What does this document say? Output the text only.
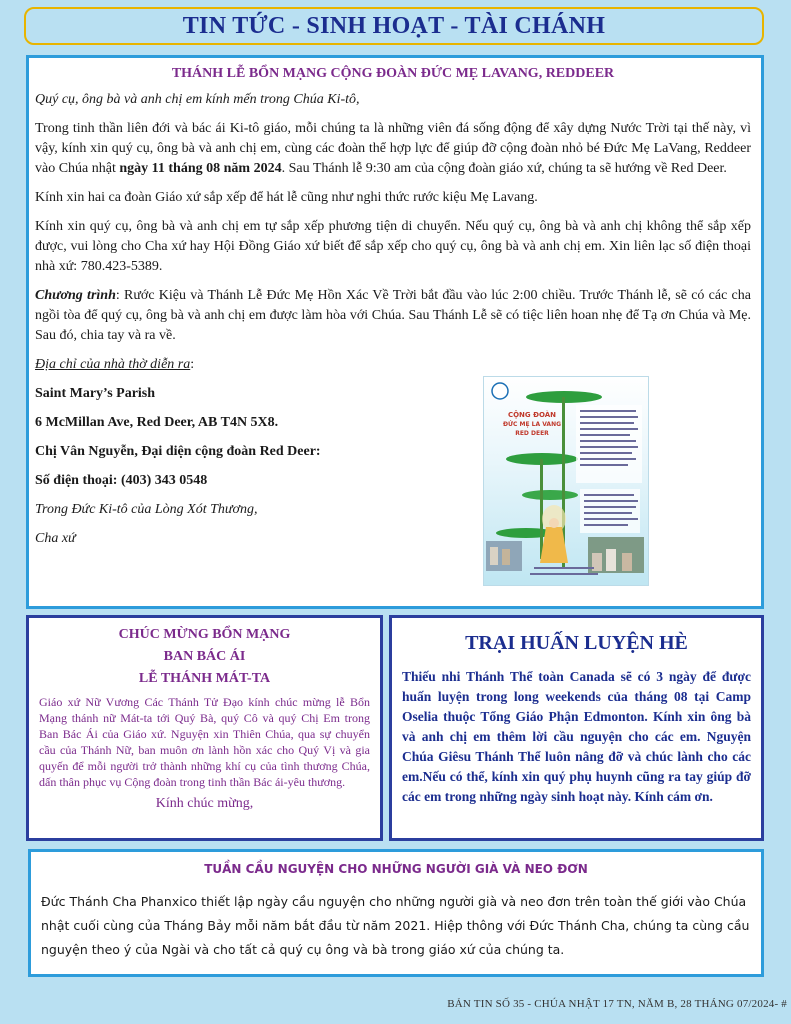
TIN TỨC - SINH HOẠT - TÀI CHÁNH
THÁNH LỄ BỔN MẠNG CỘNG ĐOÀN ĐỨC MẸ LAVANG, REDDEER

Quý cụ, ông bà và anh chị em kính mến trong Chúa Ki-tô,

Trong tinh thần liên đới và bác ái Ki-tô giáo, mỗi chúng ta là những viên đá sống động để xây dựng Nước Trời tại thế này, vì vậy, kính xin quý cụ, ông bà và anh chị em, cùng các đoàn thể hợp lực để giúp đỡ cộng đoàn nhỏ bé Đức Mẹ LaVang, Reddeer vào Chúa nhật ngày 11 tháng 08 năm 2024. Sau Thánh lễ 9:30 am của cộng đoàn giáo xứ, chúng ta sẽ hướng về Red Deer.

Kính xin hai ca đoàn Giáo xứ sắp xếp để hát lễ cũng như nghi thức rước kiệu Mẹ Lavang.

Kính xin quý cụ, ông bà và anh chị em tự sắp xếp phương tiện di chuyển. Nếu quý cụ, ông bà và anh chị không thể sắp xếp được, vui lòng cho Cha xứ hay Hội Đồng Giáo xứ biết để sắp xếp cho quý cụ, ông bà và anh chị em. Xin liên lạc số điện thoại nhà xứ: 780.423-5389.

Chương trình: Rước Kiệu và Thánh Lễ Đức Mẹ Hồn Xác Về Trời bắt đầu vào lúc 2:00 chiều. Trước Thánh lễ, sẽ có các cha ngồi tòa để quý cụ, ông bà và anh chị em được làm hòa với Chúa. Sau Thánh Lễ sẽ có tiệc liên hoan nhẹ để Tạ ơn Chúa và Mẹ. Sau đó, chia tay và ra về.

Địa chỉ của nhà thờ diễn ra:

Saint Mary’s Parish

6 McMillan Ave, Red Deer, AB T4N 5X8.

Chị Vân Nguyễn, Đại diện cộng đoàn Red Deer:

Số điện thoại: (403) 343 0548

Trong Đức Ki-tô của Lòng Xót Thương,

Cha xứ

CỘNG ĐOÀN
ĐỨC MẸ LA VANG
RED DEER
CHÚC MỪNG BỔN MẠNG
BAN BÁC ÁI
LỄ THÁNH MÁT-TA
Giáo xứ Nữ Vương Các Thánh Tử Đạo kính chúc mừng lễ Bổn Mạng thánh nữ Mát-ta tới Quý Bà, quý Cô và quý Chị Em trong Ban Bác Ái của Giáo xứ. Nguyện xin Thiên Chúa, qua sự chuyển cầu của Thánh Nữ, ban muôn ơn lành hồn xác cho Quý Vị và gia quyến để mỗi người trở thành những khí cụ của tình thương Chúa, dấn thân phục vụ Cộng đoàn trong tinh thần Bác ái-yêu thương.
Kính chúc mừng,
TRẠI HUẤN LUYỆN HÈ
Thiếu nhi Thánh Thể toàn Canada sẽ có 3 ngày để được huấn luyện trong long weekends của tháng 08 tại Camp Oselia thuộc Tổng Giáo Phận Edmonton. Kính xin ông bà và anh chị em thêm lời cầu nguyện cho các em. Nguyện Chúa Giêsu Thánh Thể luôn nâng đỡ và chúc lành cho các em.Nếu có thể, kính xin quý phụ huynh cũng ra tay giúp đỡ các em trong những ngày sinh hoạt này. Kính cám ơn.
TUẦN CẦU NGUYỆN CHO NHỮNG NGƯỜI GIÀ VÀ NEO ĐƠN
Đức Thánh Cha Phanxico thiết lập ngày cầu nguyện cho những người già và neo đơn trên toàn thế giới vào Chúa nhật cuối cùng của Tháng Bảy mỗi năm bắt đầu từ năm 2021. Hiệp thông với Đức Thánh Cha, chúng ta cùng cầu nguyện theo ý của Ngài và cho tất cả quý cụ ông và bà trong giáo xứ của chúng ta.
BẢN TIN SỐ 35 - CHÚA NHẬT 17 TN, NĂM B, 28 THÁNG 07/2024- #
